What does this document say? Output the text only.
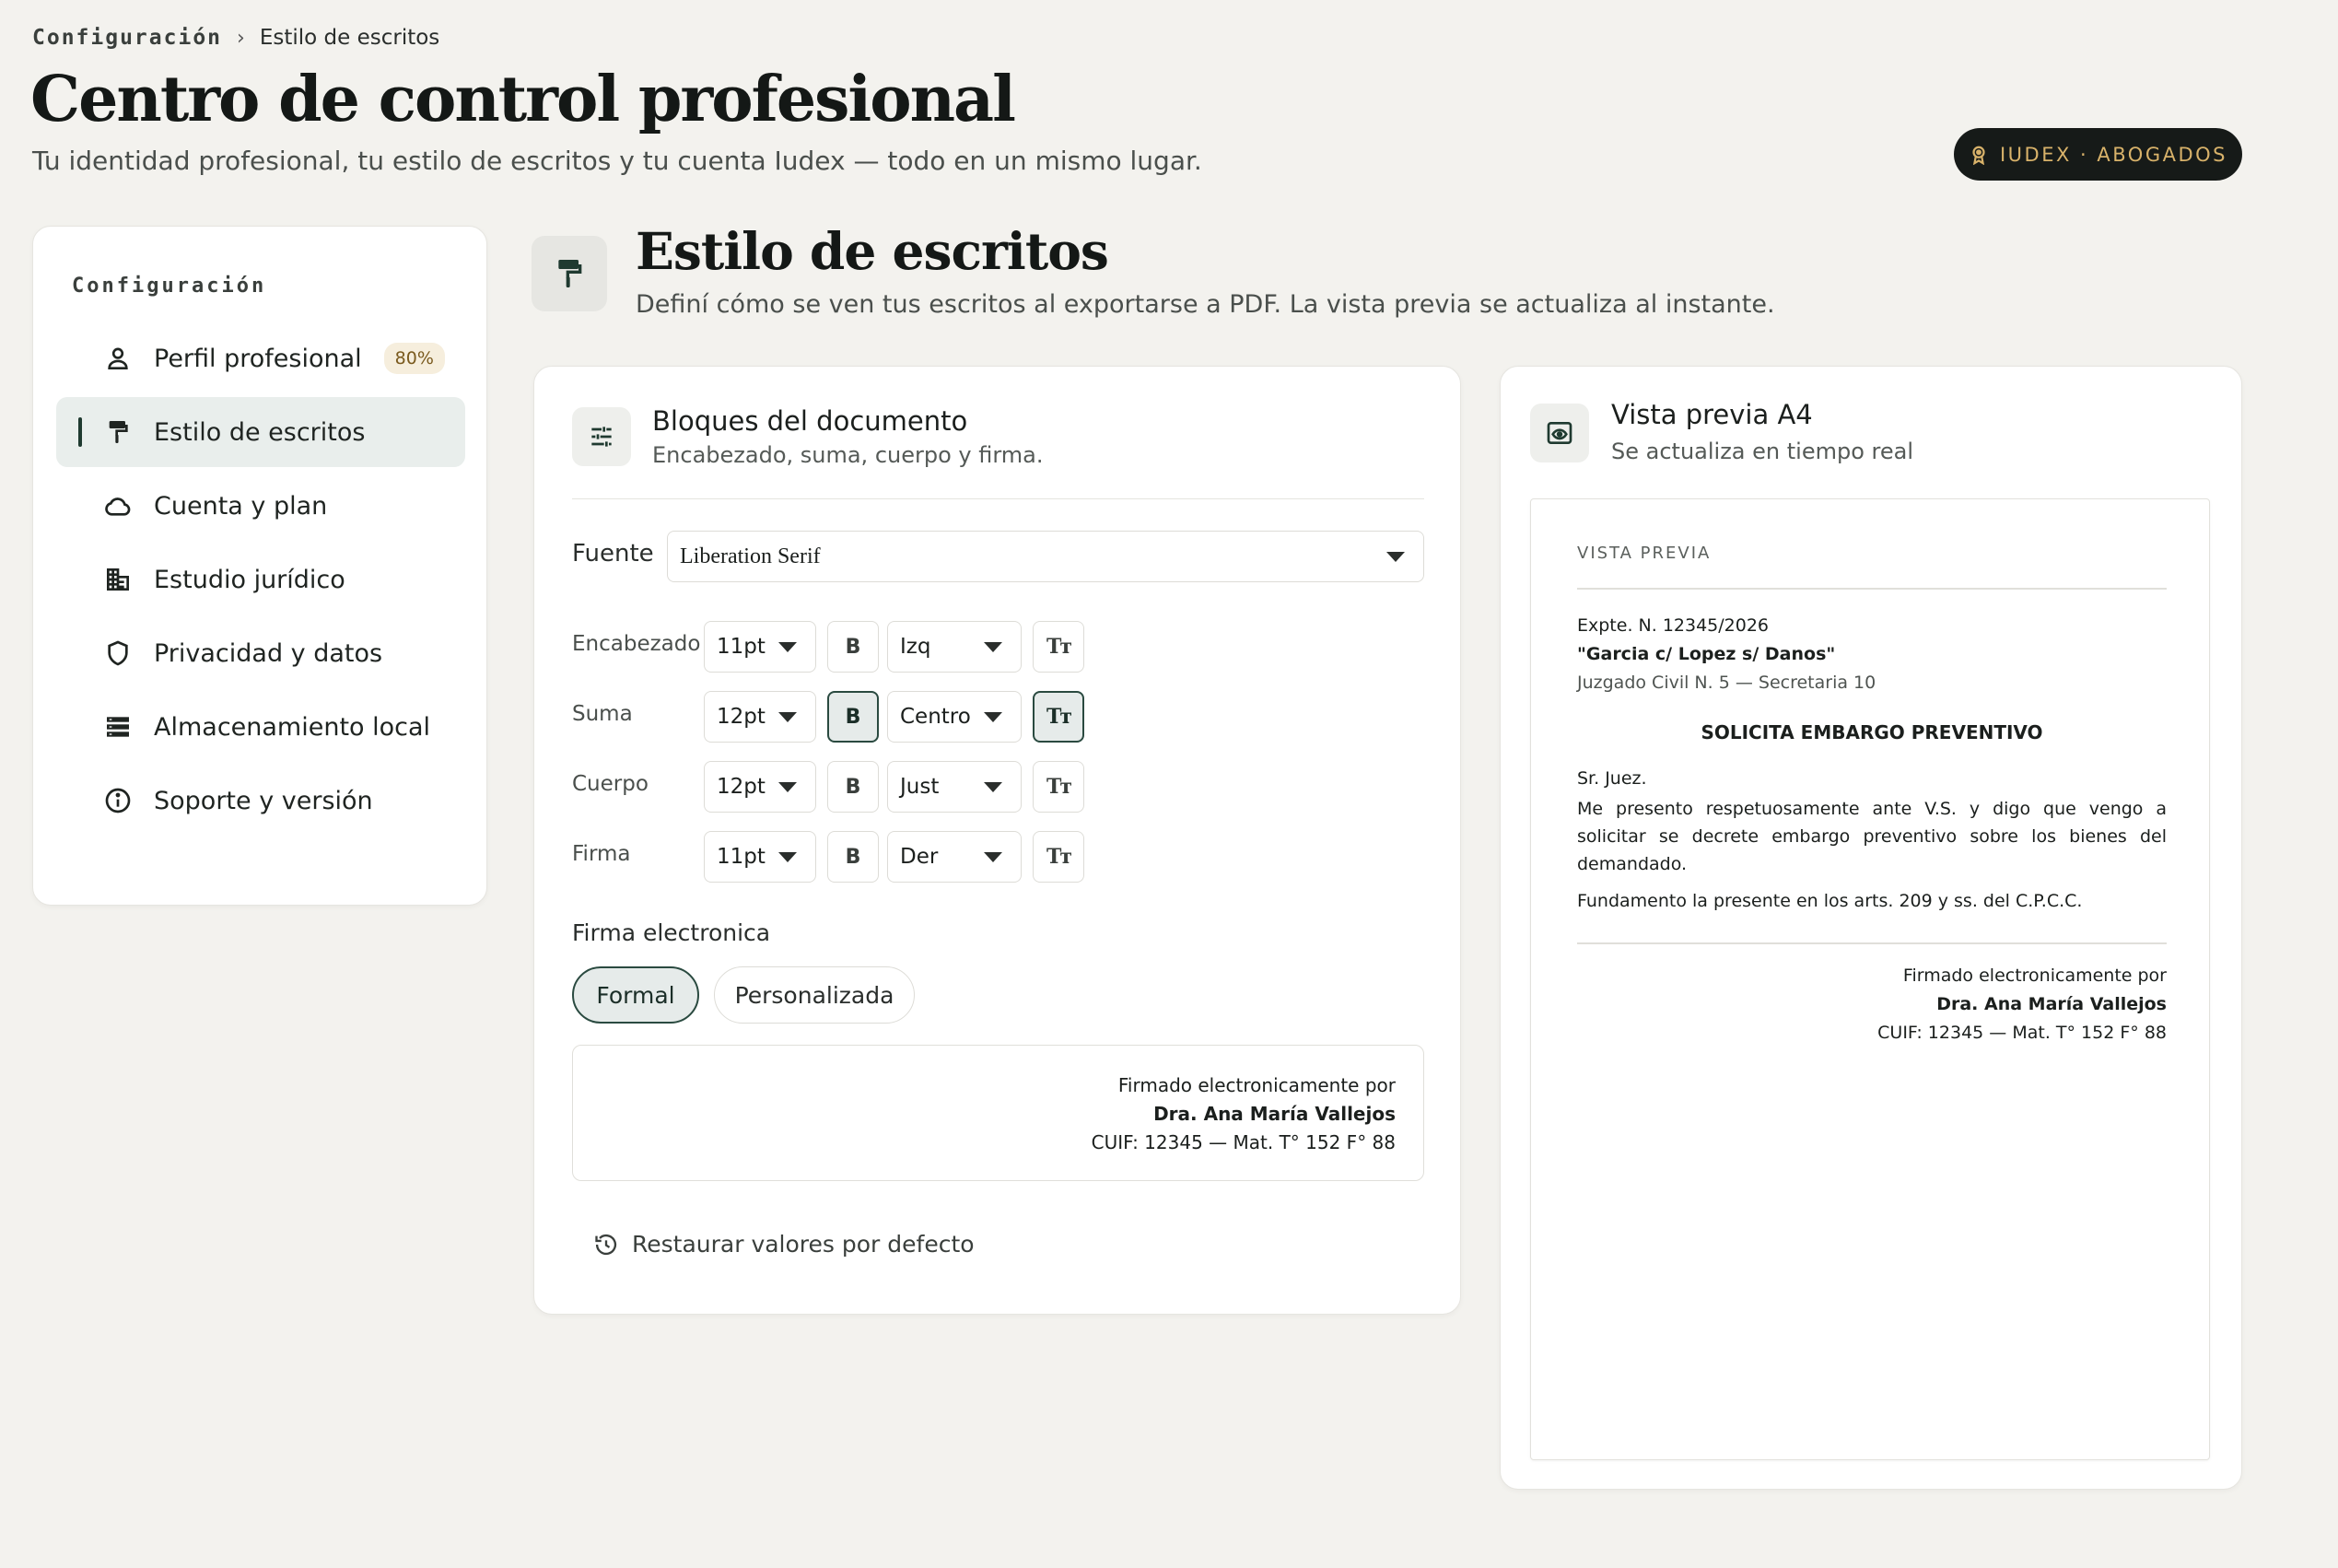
Configuración › Estilo de escritos
Centro de control profesional
Tu identidad profesional, tu estilo de escritos y tu cuenta Iudex — todo en un mismo lugar.	IUDEX · ABOGADOS
Configuración
Perfil profesional	80%
Estilo de escritos
Cuenta y plan
Estudio jurídico
Privacidad y datos
Almacenamiento local
Soporte y versión
Estilo de escritos
Definí cómo se ven tus escritos al exportarse a PDF. La vista previa se actualiza al instante.
Bloques del documento
Encabezado, suma, cuerpo y firma.
Fuente Liberation Serif
Encabezado 11pt	B Izq	Tт
Suma	12pt	B Centro	Tт
Cuerpo	12pt	B Just	Tт
Firma	11pt	B Der	Tт
Firma electronica
Formal	Personalizada
Firmado electronicamente por
Dra. Ana María Vallejos
CUIF: 12345 — Mat. T° 152 F° 88
Restaurar valores por defecto
Vista previa A4
Se actualiza en tiempo real
VISTA PREVIA
Expte. N. 12345/2026
"Garcia c/ Lopez s/ Danos"
Juzgado Civil N. 5 — Secretaria 10
SOLICITA EMBARGO PREVENTIVO
Sr. Juez.
Me presento respetuosamente ante V.S. y digo que vengo a solicitar se decrete embargo preventivo sobre los bienes del demandado.
Fundamento la presente en los arts. 209 y ss. del C.P.C.C.
Firmado electronicamente por
Dra. Ana María Vallejos
CUIF: 12345 — Mat. T° 152 F° 88
